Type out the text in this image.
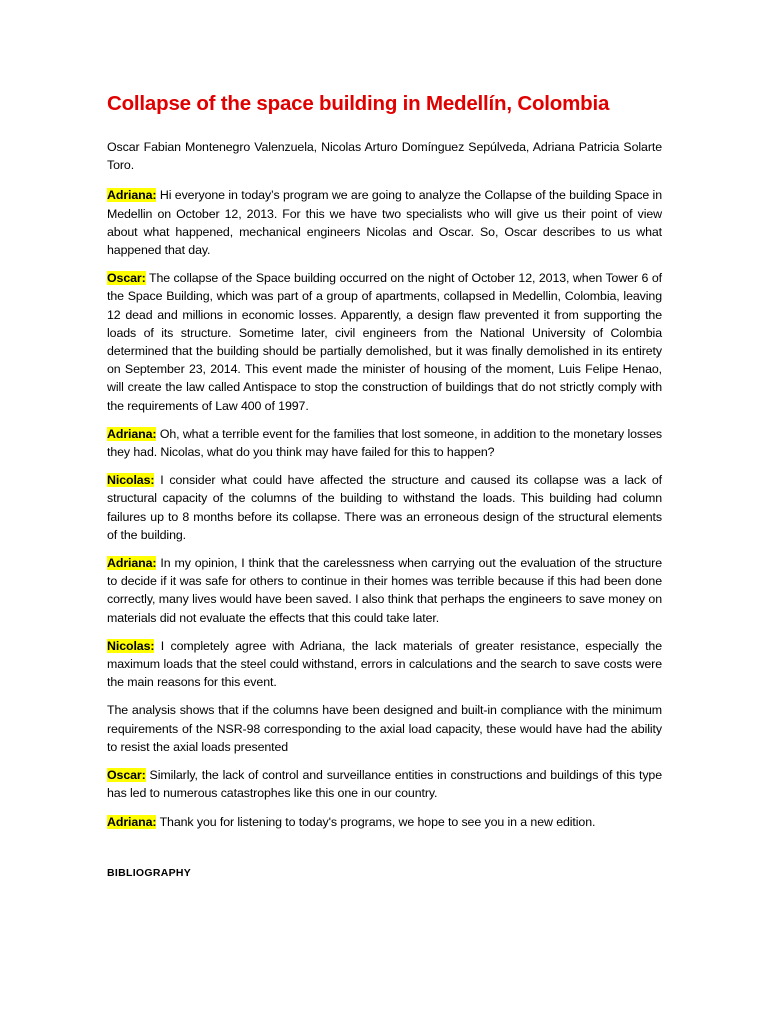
Collapse of the space building in Medellín, Colombia

Oscar Fabian Montenegro Valenzuela, Nicolas Arturo Domínguez Sepúlveda, Adriana Patricia Solarte Toro.

Adriana: Hi everyone in today’s program we are going to analyze the Collapse of the building Space in Medellin on October 12, 2013. For this we have two specialists who will give us their point of view about what happened, mechanical engineers Nicolas and Oscar. So, Oscar describes to us what happened that day.

Oscar: The collapse of the Space building occurred on the night of October 12, 2013, when Tower 6 of the Space Building, which was part of a group of apartments, collapsed in Medellin, Colombia, leaving 12 dead and millions in economic losses. Apparently, a design flaw prevented it from supporting the loads of its structure. Sometime later, civil engineers from the National University of Colombia determined that the building should be partially demolished, but it was finally demolished in its entirety on September 23, 2014. This event made the minister of housing of the moment, Luis Felipe Henao, will create the law called Antispace to stop the construction of buildings that do not strictly comply with the requirements of Law 400 of 1997.

Adriana: Oh, what a terrible event for the families that lost someone, in addition to the monetary losses they had. Nicolas, what do you think may have failed for this to happen?

Nicolas: I consider what could have affected the structure and caused its collapse was a lack of structural capacity of the columns of the building to withstand the loads. This building had column failures up to 8 months before its collapse. There was an erroneous design of the structural elements of the building.

Adriana: In my opinion, I think that the carelessness when carrying out the evaluation of the structure to decide if it was safe for others to continue in their homes was terrible because if this had been done correctly, many lives would have been saved. I also think that perhaps the engineers to save money on materials did not evaluate the effects that this could take later.

Nicolas: I completely agree with Adriana, the lack materials of greater resistance, especially the maximum loads that the steel could withstand, errors in calculations and the search to save costs were the main reasons for this event.

The analysis shows that if the columns have been designed and built-in compliance with the minimum requirements of the NSR-98 corresponding to the axial load capacity, these would have had the ability to resist the axial loads presented

Oscar: Similarly, the lack of control and surveillance entities in constructions and buildings of this type has led to numerous catastrophes like this one in our country.

Adriana: Thank you for listening to today's programs, we hope to see you in a new edition.

BIBLIOGRAPHY
